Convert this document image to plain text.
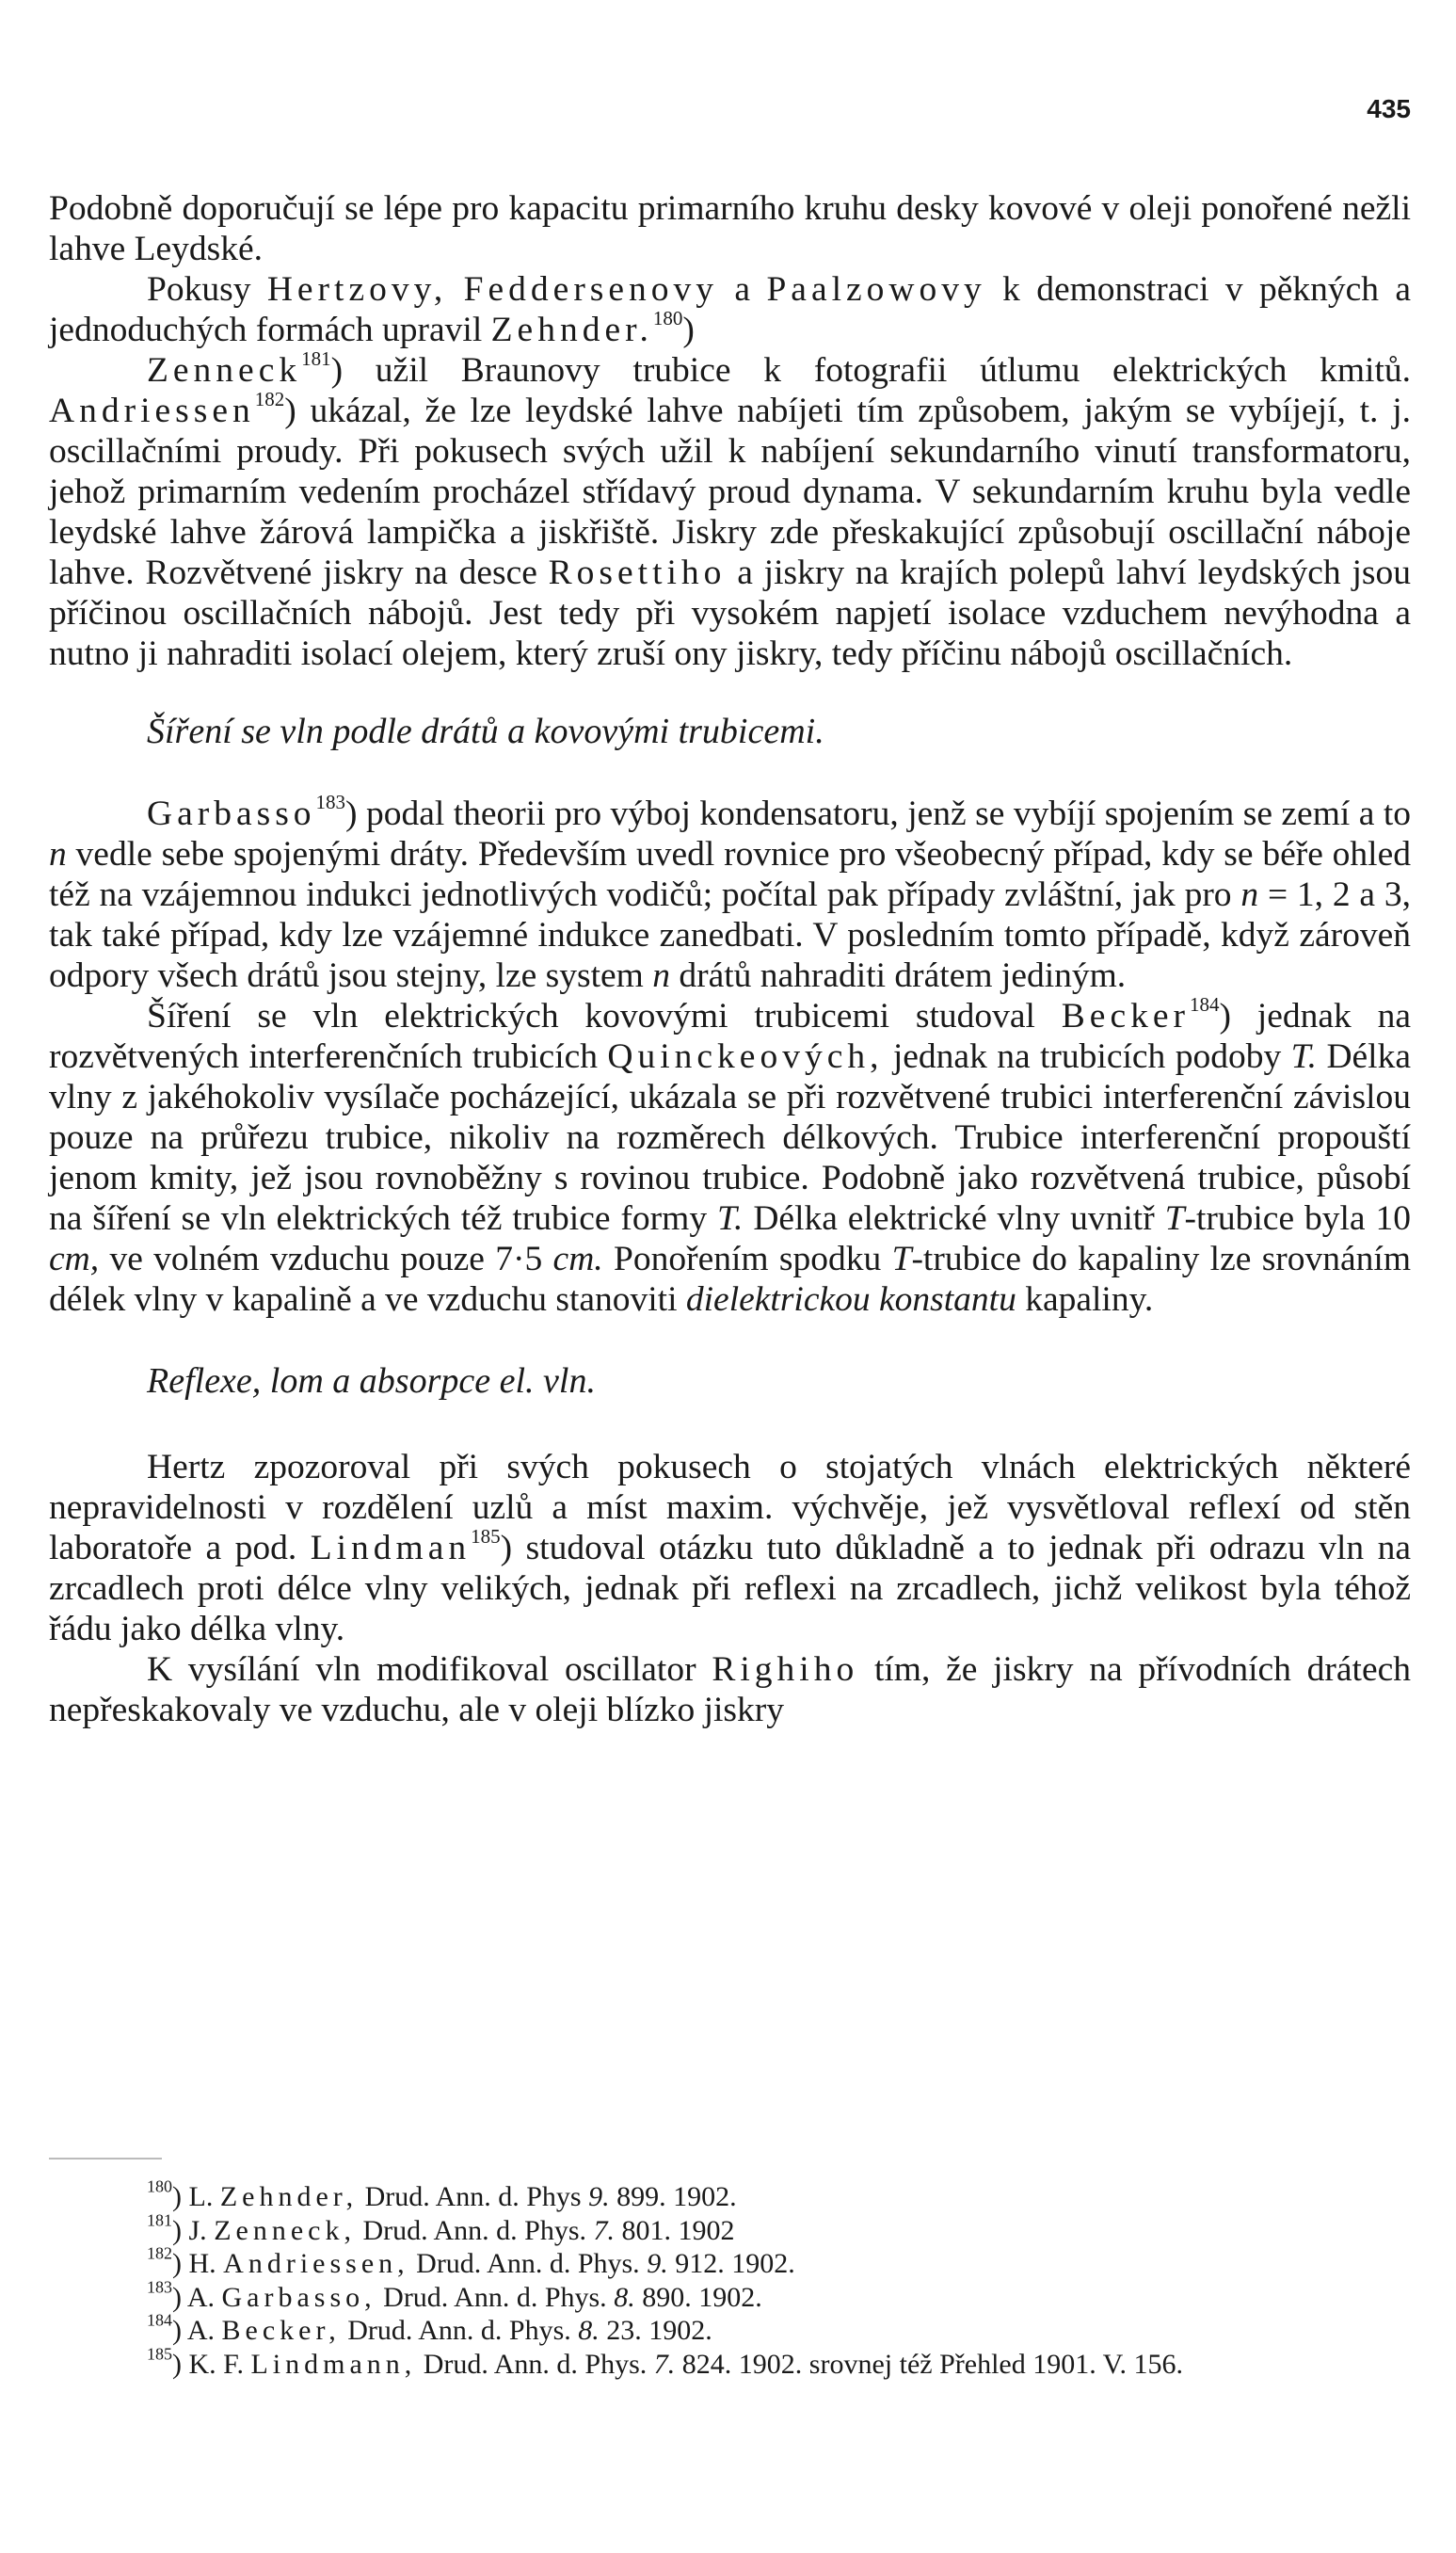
435

Podobně doporučují se lépe pro kapacitu primarního kruhu desky kovové v oleji ponořené nežli lahve Leydské.

Pokusy Hertzovy, Feddersenovy a Paalzowovy k demonstraci v pěkných a jednoduchých formách upravil Zehnder.$^{180}$)

Zenneck$^{181}$) užil Braunovy trubice k fotografii útlumu elektrických kmitů. Andriessen$^{182}$) ukázal, že lze leydské lahve nabíjeti tím způsobem, jakým se vybíjejí, t. j. oscillačními proudy. Při pokusech svých užil k nabíjení sekundarního vinutí transformatoru, jehož primarním vedením procházel střídavý proud dynama. V sekundarním kruhu byla vedle leydské lahve žárová lampička a jiskřiště. Jiskry zde přeskakující způsobují oscillační náboje lahve. Rozvětvené jiskry na desce Rosettiho a jiskry na krajích polepů lahví leydských jsou příčinou oscillačních nábojů. Jest tedy při vysokém napjetí isolace vzduchem nevýhodna a nutno ji nahraditi isolací olejem, který zruší ony jiskry, tedy příčinu nábojů oscillačních.

Šíření se vln podle drátů a kovovými trubicemi.

Garbasso$^{183}$) podal theorii pro výboj kondensatoru, jenž se vybíjí spojením se zemí a to n vedle sebe spojenými dráty. Především uvedl rovnice pro všeobecný případ, kdy se béře ohled též na vzájemnou indukci jednotlivých vodičů; počítal pak případy zvláštní, jak pro n = 1, 2 a 3, tak také případ, kdy lze vzájemné indukce zanedbati. V posledním tomto případě, když zároveň odpory všech drátů jsou stejny, lze system n drátů nahraditi drátem jediným.

Šíření se vln elektrických kovovými trubicemi studoval Becker$^{184}$) jednak na rozvětvených interferenčních trubicích Quinckeových, jednak na trubicích podoby T. Délka vlny z jakéhokoliv vysílače pocházející, ukázala se při rozvětvené trubici interferenční závislou pouze na průřezu trubice, nikoliv na rozměrech délkových. Trubice interferenční propouští jenom kmity, jež jsou rovnoběžny s rovinou trubice. Podobně jako rozvětvená trubice, působí na šíření se vln elektrických též trubice formy T. Délka elektrické vlny uvnitř T-trubice byla 10 cm, ve volném vzduchu pouze 7·5 cm. Ponořením spodku T-trubice do kapaliny lze srovnáním délek vlny v kapalině a ve vzduchu stanoviti dielektrickou konstantu kapaliny.

Reflexe, lom a absorpce el. vln.

Hertz zpozoroval při svých pokusech o stojatých vlnách elektrických některé nepravidelnosti v rozdělení uzlů a míst maxim. výchvěje, jež vysvětloval reflexí od stěn laboratoře a pod. Lindman$^{185}$) studoval otázku tuto důkladně a to jednak při odrazu vln na zrcadlech proti délce vlny velikých, jednak při reflexi na zrcadlech, jichž velikost byla téhož řádu jako délka vlny.

K vysílání vln modifikoval oscillator Righiho tím, že jiskry na přívodních drátech nepřeskakovaly ve vzduchu, ale v oleji blízko jiskry

$^{180}$) L. Zehnder, Drud. Ann. d. Phys 9. 899. 1902.
$^{181}$) J. Zenneck, Drud. Ann. d. Phys. 7. 801. 1902
$^{182}$) H. Andriessen, Drud. Ann. d. Phys. 9. 912. 1902.
$^{183}$) A. Garbasso, Drud. Ann. d. Phys. 8. 890. 1902.
$^{184}$) A. Becker, Drud. Ann. d. Phys. 8. 23. 1902.
$^{185}$) K. F. Lindmann, Drud. Ann. d. Phys. 7. 824. 1902. srovnej též Přehled 1901. V. 156.
